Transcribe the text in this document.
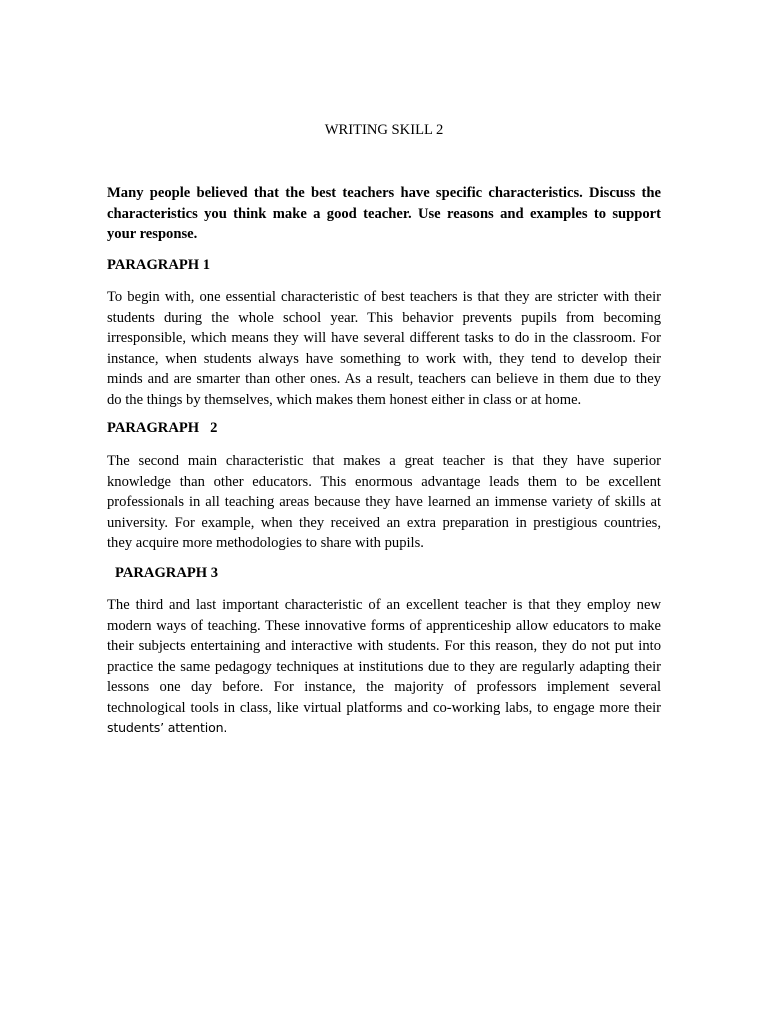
WRITING SKILL 2
Many people believed that the best teachers have specific characteristics. Discuss the
characteristics you think make a good teacher. Use reasons and examples to support
your response.
PARAGRAPH 1
To begin with, one essential characteristic of best teachers is that they are stricter with their
students during the whole school year. This behavior prevents pupils from becoming
irresponsible, which means they will have several different tasks to do in the classroom. For
instance, when students always have something to work with, they tend to develop their
minds and are smarter than other ones. As a result, teachers can believe in them due to they
do the things by themselves, which makes them honest either in class or at home.
PARAGRAPH   2
The second main characteristic that makes a great teacher is that they have superior
knowledge than other educators. This enormous advantage leads them to be excellent
professionals in all teaching areas because they have learned an immense variety of skills at
university. For example, when they received an extra preparation in prestigious countries,
they acquire more methodologies to share with pupils.
PARAGRAPH 3
The third and last important characteristic of an excellent teacher is that they employ new
modern ways of teaching. These innovative forms of apprenticeship allow educators to make
their subjects entertaining and interactive with students. For this reason, they do not put into
practice the same pedagogy techniques at institutions due to they are regularly adapting their
lessons one day before. For instance, the majority of professors implement several
technological tools in class, like virtual platforms and co-working labs, to engage more their
students’ attention.
